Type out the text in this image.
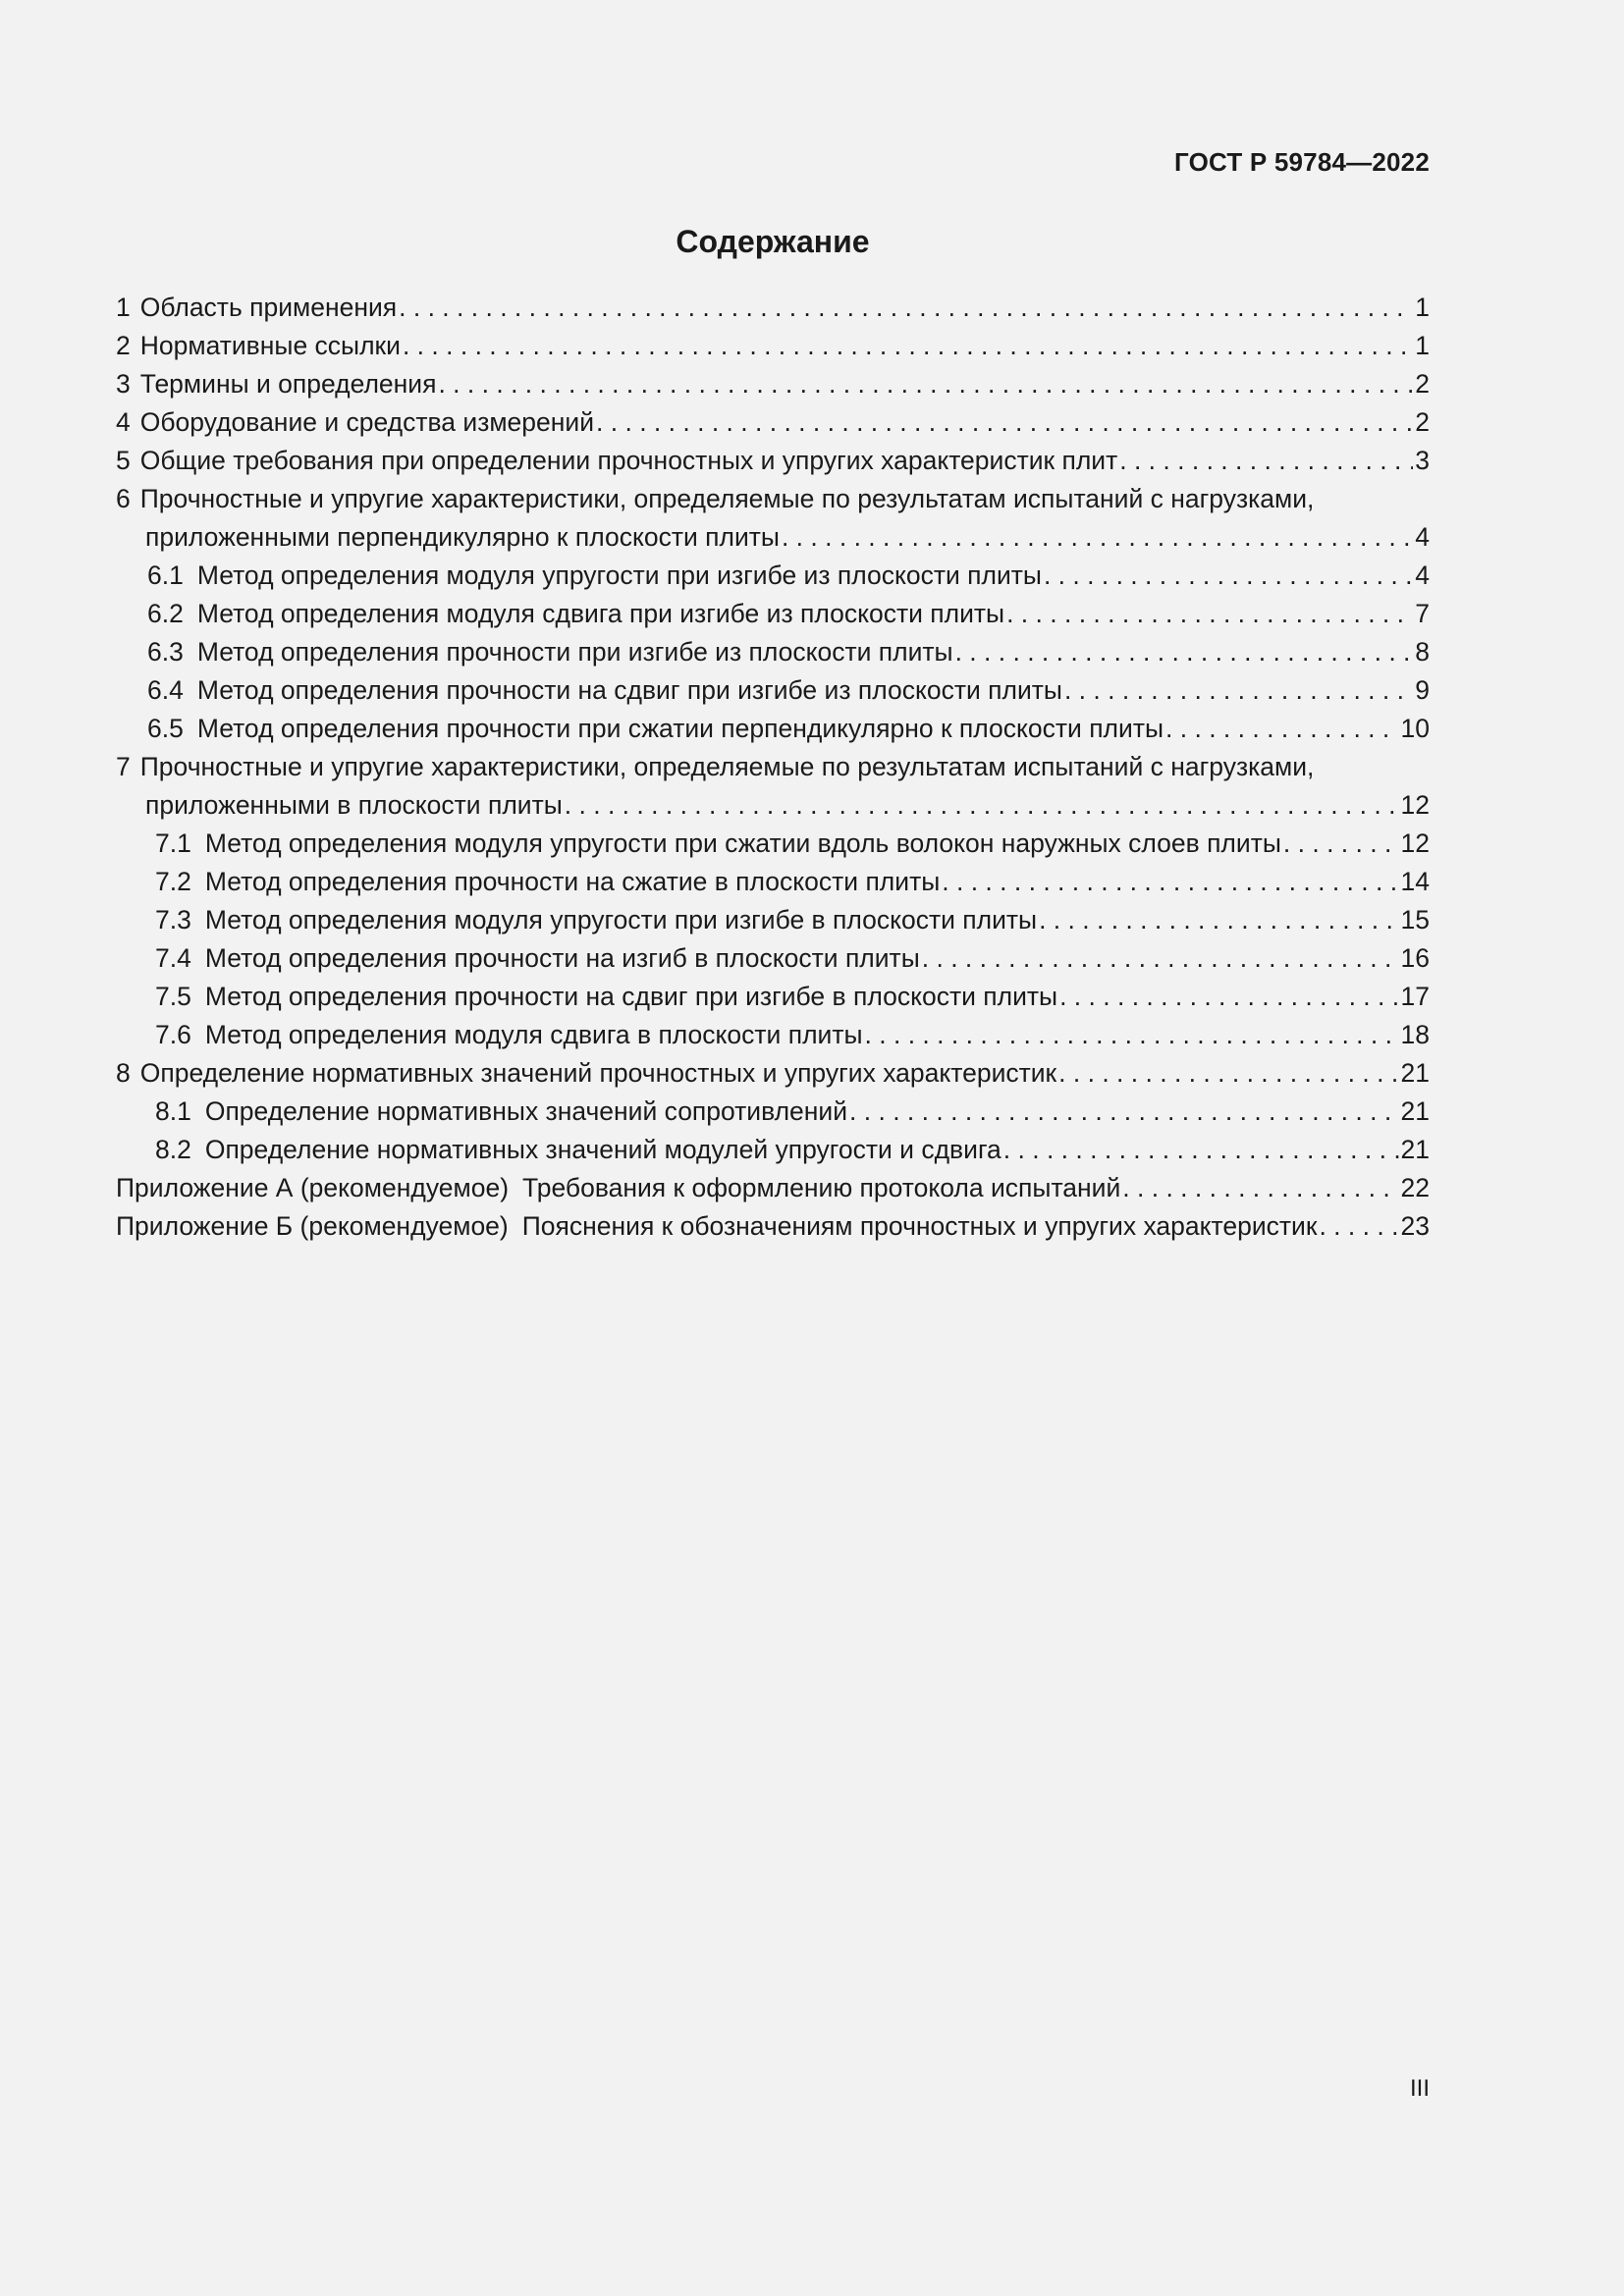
ГОСТ Р 59784—2022
Содержание
1 Область применения . . .	1
2 Нормативные ссылки . . .	1
3 Термины и определения . . .	2
4 Оборудование и средства измерений . . .	2
5 Общие требования при определении прочностных и упругих характеристик плит . . .	3
6 Прочностные и упругие характеристики, определяемые по результатам испытаний с нагрузками,
приложенными перпендикулярно к плоскости плиты . . .	4
6.1 Метод определения модуля упругости при изгибе из плоскости плиты . . .	4
6.2 Метод определения модуля сдвига при изгибе из плоскости плиты . . .	7
6.3 Метод определения прочности при изгибе из плоскости плиты . . .	8
6.4 Метод определения прочности на сдвиг при изгибе из плоскости плиты . . .	9
6.5 Метод определения прочности при сжатии перпендикулярно к плоскости плиты . . .	10
7 Прочностные и упругие характеристики, определяемые по результатам испытаний с нагрузками,
приложенными в плоскости плиты . . .	12
7.1 Метод определения модуля упругости при сжатии вдоль волокон наружных слоев плиты . . .	12
7.2 Метод определения прочности на сжатие в плоскости плиты . . .	14
7.3 Метод определения модуля упругости при изгибе в плоскости плиты . . .	15
7.4 Метод определения прочности на изгиб в плоскости плиты . . .	16
7.5 Метод определения прочности на сдвиг при изгибе в плоскости плиты . . .	17
7.6 Метод определения модуля сдвига в плоскости плиты . . .	18
8 Определение нормативных значений прочностных и упругих характеристик . . .	21
8.1 Определение нормативных значений сопротивлений . . .	21
8.2 Определение нормативных значений модулей упругости и сдвига . . .	21
Приложение А (рекомендуемое) Требования к оформлению протокола испытаний . . .	22
Приложение Б (рекомендуемое) Пояснения к обозначениям прочностных и упругих характеристик . . .	23
III
